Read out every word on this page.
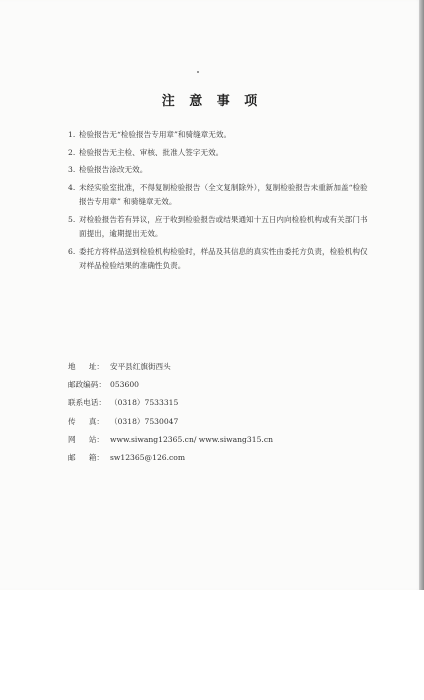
注 意 事 项
1. 检验报告无“检验报告专用章”和骑缝章无效。
2. 检验报告无主检、审核、批准人签字无效。
3. 检验报告涂改无效。
4. 未经实验室批准，不得复制检验报告（全文复制除外），复制检验报告未重新加盖“检验报告专用章” 和骑缝章无效。
5. 对检验报告若有异议，应于收到检验报告或结果通知十五日内向检验机构或有关部门书面提出，逾期提出无效。
6. 委托方将样品送到检验机构检验时，样品及其信息的真实性由委托方负责，检验机构仅对样品检验结果的准确性负责。
地 址： 安平县红旗街西头
邮政编码： 053600
联系电话： （0318）7533315
传 真： （0318）7530047
网 站： www.siwang12365.cn/ www.siwang315.cn
邮 箱： sw12365@126.com
